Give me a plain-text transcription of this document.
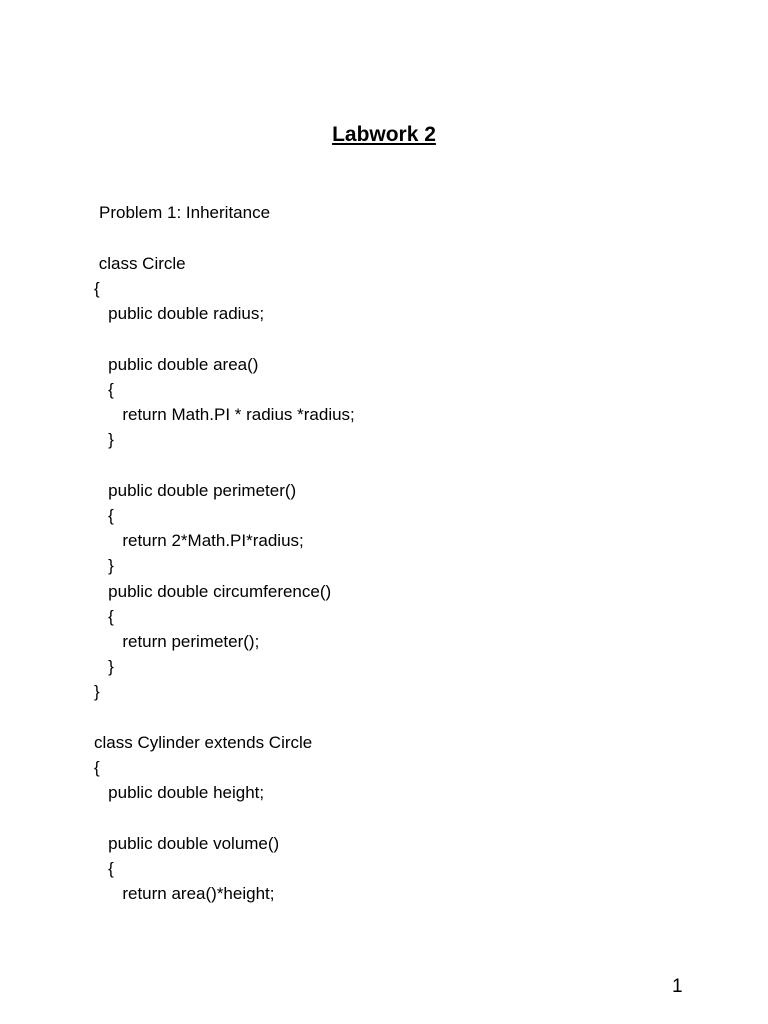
Labwork 2
Problem 1: Inheritance
class Circle
{
public double radius;
public double area()
{
return Math.PI * radius *radius;
}
public double perimeter()
{
return 2*Math.PI*radius;
}
public double circumference()
{
return perimeter();
}
}
class Cylinder extends Circle
{
public double height;
public double volume()
{
return area()*height;
1
